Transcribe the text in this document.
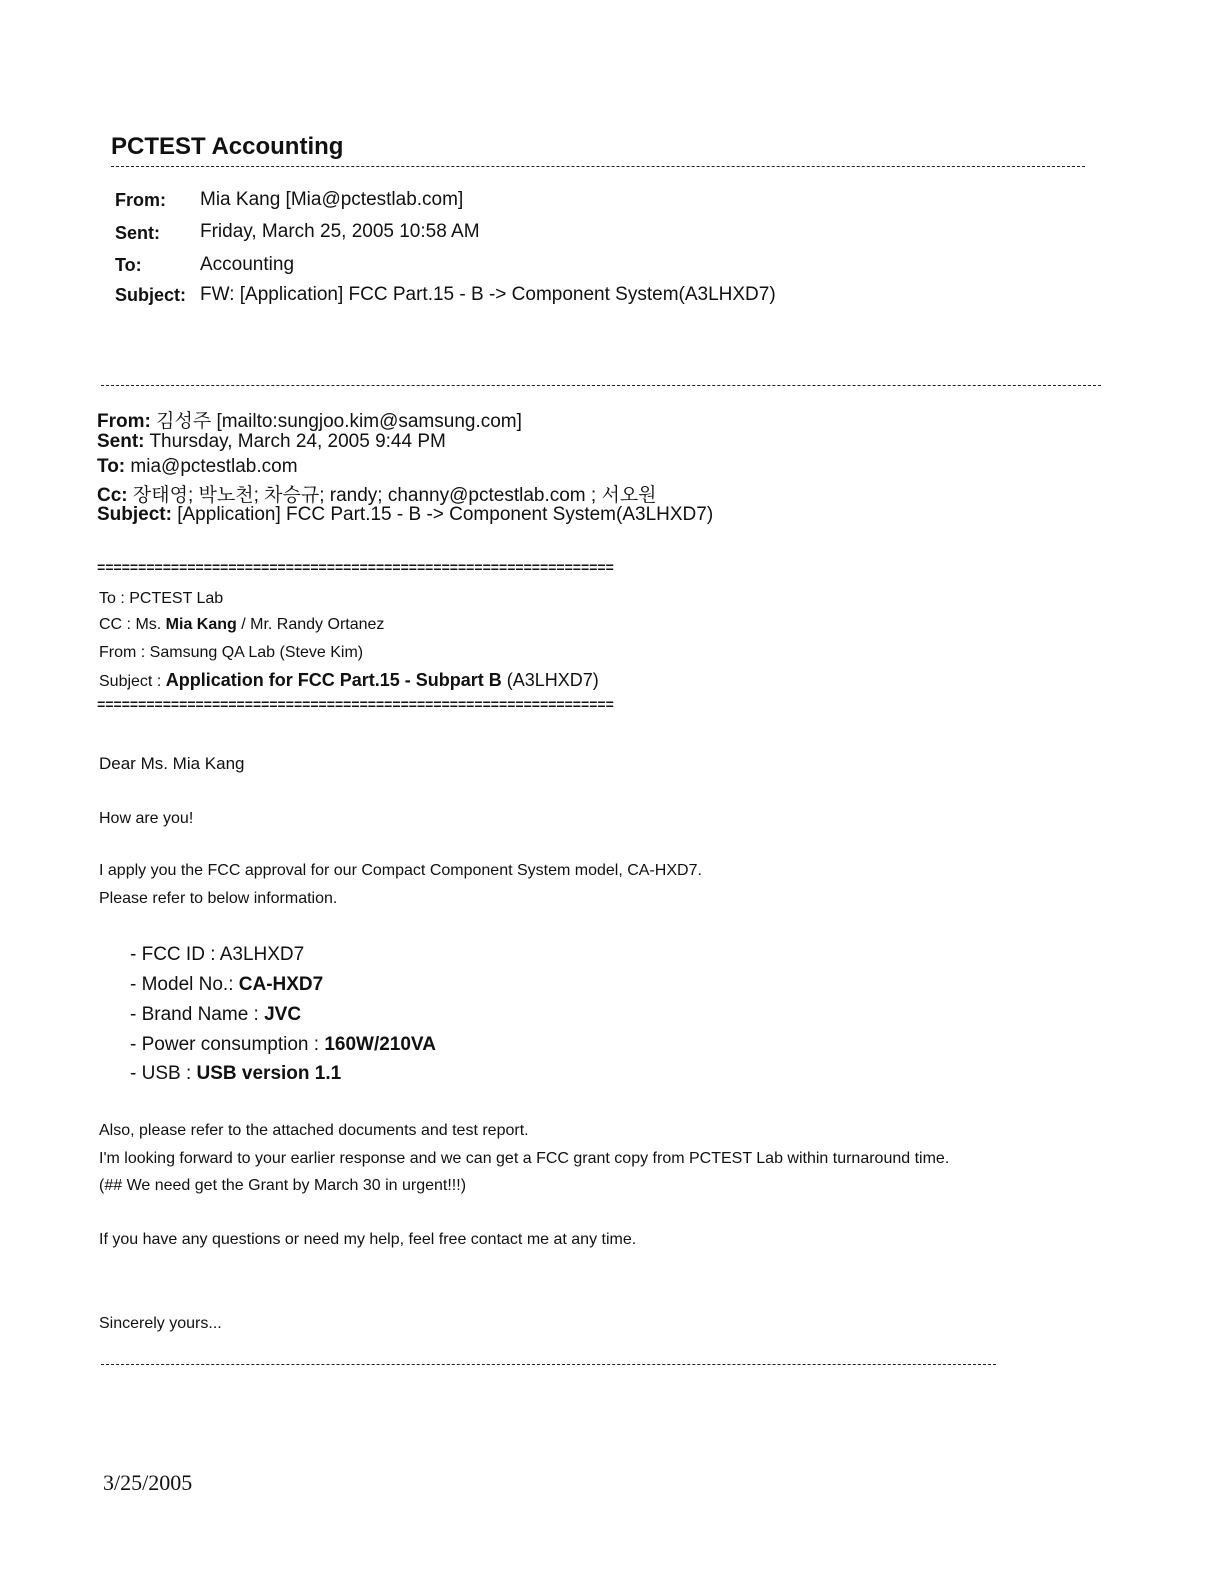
PCTEST Accounting
From: Mia Kang [Mia@pctestlab.com]
Sent: Friday, March 25, 2005 10:58 AM
To:	Accounting
Subject: FW: [Application] FCC Part.15 - B -> Component System(A3LHXD7)
From: 김성주 [mailto:sungjoo.kim@samsung.com]
Sent: Thursday, March 24, 2005 9:44 PM
To: mia@pctestlab.com
Cc: 장태영; 박노천; 차승규; randy; channy@pctestlab.com ; 서오원
Subject: [Application] FCC Part.15 - B -> Component System(A3LHXD7)
===============================================================
To : PCTEST Lab
CC : Ms. Mia Kang / Mr. Randy Ortanez
From : Samsung QA Lab (Steve Kim)
Subject : Application for FCC Part.15 - Subpart B (A3LHXD7)
===============================================================
Dear Ms. Mia Kang
How are you!
I apply you the FCC approval for our Compact Component System model, CA-HXD7.
Please refer to below information.
- FCC ID : A3LHXD7
- Model No.: CA-HXD7
- Brand Name : JVC
- Power consumption : 160W/210VA
- USB : USB version 1.1
Also, please refer to the attached documents and test report.
I'm looking forward to your earlier response and we can get a FCC grant copy from PCTEST Lab within turnaround time.
(## We need get the Grant by March 30 in urgent!!!)
If you have any questions or need my help, feel free contact me at any time.
Sincerely yours...
3/25/2005
